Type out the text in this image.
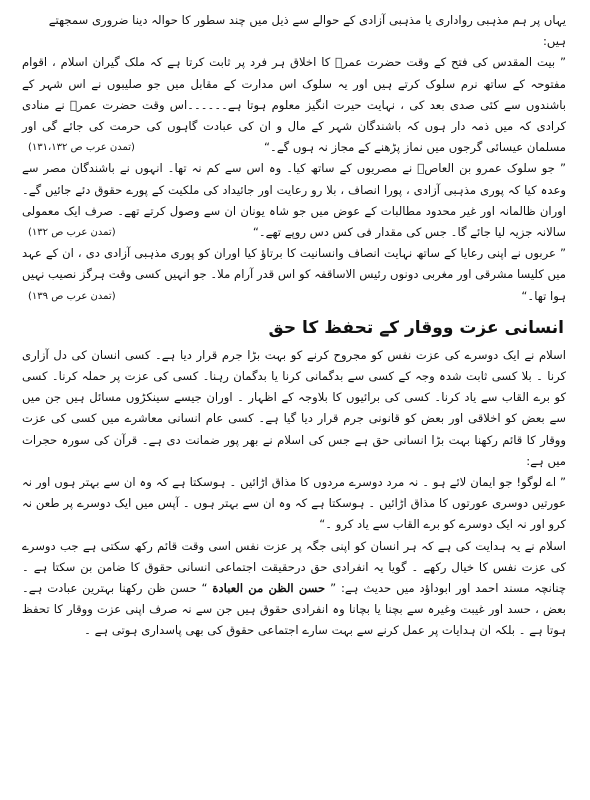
یہاں پر ہم مذہبی رواداری یا مذہبی آزادی کے حوالے سے ذیل میں چند سطور کا حوالہ دینا ضروری سمجھتے
ہیں:

” بیت المقدس کی فتح کے وقت حضرت عمرؓ کا اخلاق ہر فرد پر ثابت کرتا ہے کہ ملک گیران اسلام ، اقوام مفتوحہ کے ساتھ نرم سلوک کرتے ہیں اور یہ سلوک اس مدارت کے مقابل میں جو صلیبوں نے اس شہر کے باشندوں سے کئی صدی بعد کی ، نہایت حیرت انگیز معلوم ہوتا ہے۔۔۔۔۔۔اس وقت حضرت عمرؓ نے منادی کرادی کہ میں ذمہ دار ہوں کہ باشندگان شہر کے مال و ان کی عبادت گاہوں کی حرمت کی جائے گی اور مسلمان عیسائی گرجوں میں نماز پڑھنے کے مجاز نہ ہوں گے۔“
(تمدن عرب ص ۱۳۱،۱۳۲)

” جو سلوک عمرو بن العاصؓ نے مصریوں کے ساتھ کیا۔ وہ اس سے کم نہ تھا۔ انہوں نے باشندگان مصر سے وعدہ کیا کہ پوری مذہبی آزادی ، پورا انصاف ، بلا رو رعایت اور جائیداد کی ملکیت کے پورے حقوق دئے جائیں گے۔ اوران ظالمانہ اور غیر محدود مطالبات کے عوض میں جو شاہ یونان ان سے وصول کرتے تھے۔ صرف ایک معمولی سالانہ جزیہ لیا جائے گا۔ جس کی مقدار فی کس دس روپے تھے۔“
(تمدن عرب ص ۱۳۲)

” عربوں نے اپنی رعایا کے ساتھ نہایت انصاف وانسانیت کا برتاؤ کیا اوران کو پوری مذہبی آزادی دی ، ان کے عہد میں کلیسا مشرقی اور مغربی دونوں رئیس الاساقفہ کو اس قدر آرام ملا۔ جو انہیں کسی وقت ہرگز نصیب نہیں ہوا تھا۔“
(تمدن عرب ص ۱۳۹)

انسانی عزت ووقار کے تحفظ کا حق

اسلام نے ایک دوسرے کی عزت نفس کو مجروح کرنے کو بہت بڑا جرم قرار دیا ہے۔ کسی انسان کی دل آزاری کرنا ۔ بلا کسی ثابت شدہ وجہ کے کسی سے بدگمانی کرنا یا بدگمان رہنا۔ کسی کی عزت پر حملہ کرنا۔ کسی کو برے القاب سے یاد کرنا۔ کسی کی برائیوں کا بلاوجہ کے اظہار ۔ اوران جیسے سینکڑوں مسائل ہیں جن میں سے بعض کو اخلاقی اور بعض کو قانونی جرم قرار دیا گیا ہے۔ کسی عام انسانی معاشرے میں کسی کی عزت ووقار کا قائم رکھنا بہت بڑا انسانی حق ہے جس کی اسلام نے بھر پور ضمانت دی ہے۔ قرآن کی سورہ حجرات میں ہے:

” اے لوگو! جو ایمان لائے ہو ۔ نہ مرد دوسرے مردوں کا مذاق اڑائیں ۔ ہوسکتا ہے کہ وہ ان سے بہتر ہوں اور نہ عورتیں دوسری عورتوں کا مذاق اڑائیں ۔ ہوسکتا ہے کہ وہ ان سے بہتر ہوں ۔ آپس میں ایک دوسرے پر طعن نہ کرو اور نہ ایک دوسرے کو برے القاب سے یاد کرو ۔“

اسلام نے یہ ہدایت کی ہے کہ ہر انسان کو اپنی جگہ پر عزت نفس اسی وقت قائم رکھ سکتی ہے جب دوسرے کی عزت نفس کا خیال رکھے ۔ گویا یہ انفرادی حق درحقیقت اجتماعی انسانی حقوق کا ضامن بن سکتا ہے ۔ چنانچہ مسند احمد اور ابوداؤد میں حدیث ہے: ” حسن الظن من العبادة “ حسن ظن رکھنا بہترین عبادت ہے۔ بعض ، حسد اور غیبت وغیرہ سے بچنا یا بچانا وہ انفرادی حقوق ہیں جن سے نہ صرف اپنی عزت ووقار کا تحفظ ہوتا ہے ۔ بلکہ ان ہدایات پر عمل کرنے سے بہت سارے اجتماعی حقوق کی بھی پاسداری ہوتی ہے ۔
